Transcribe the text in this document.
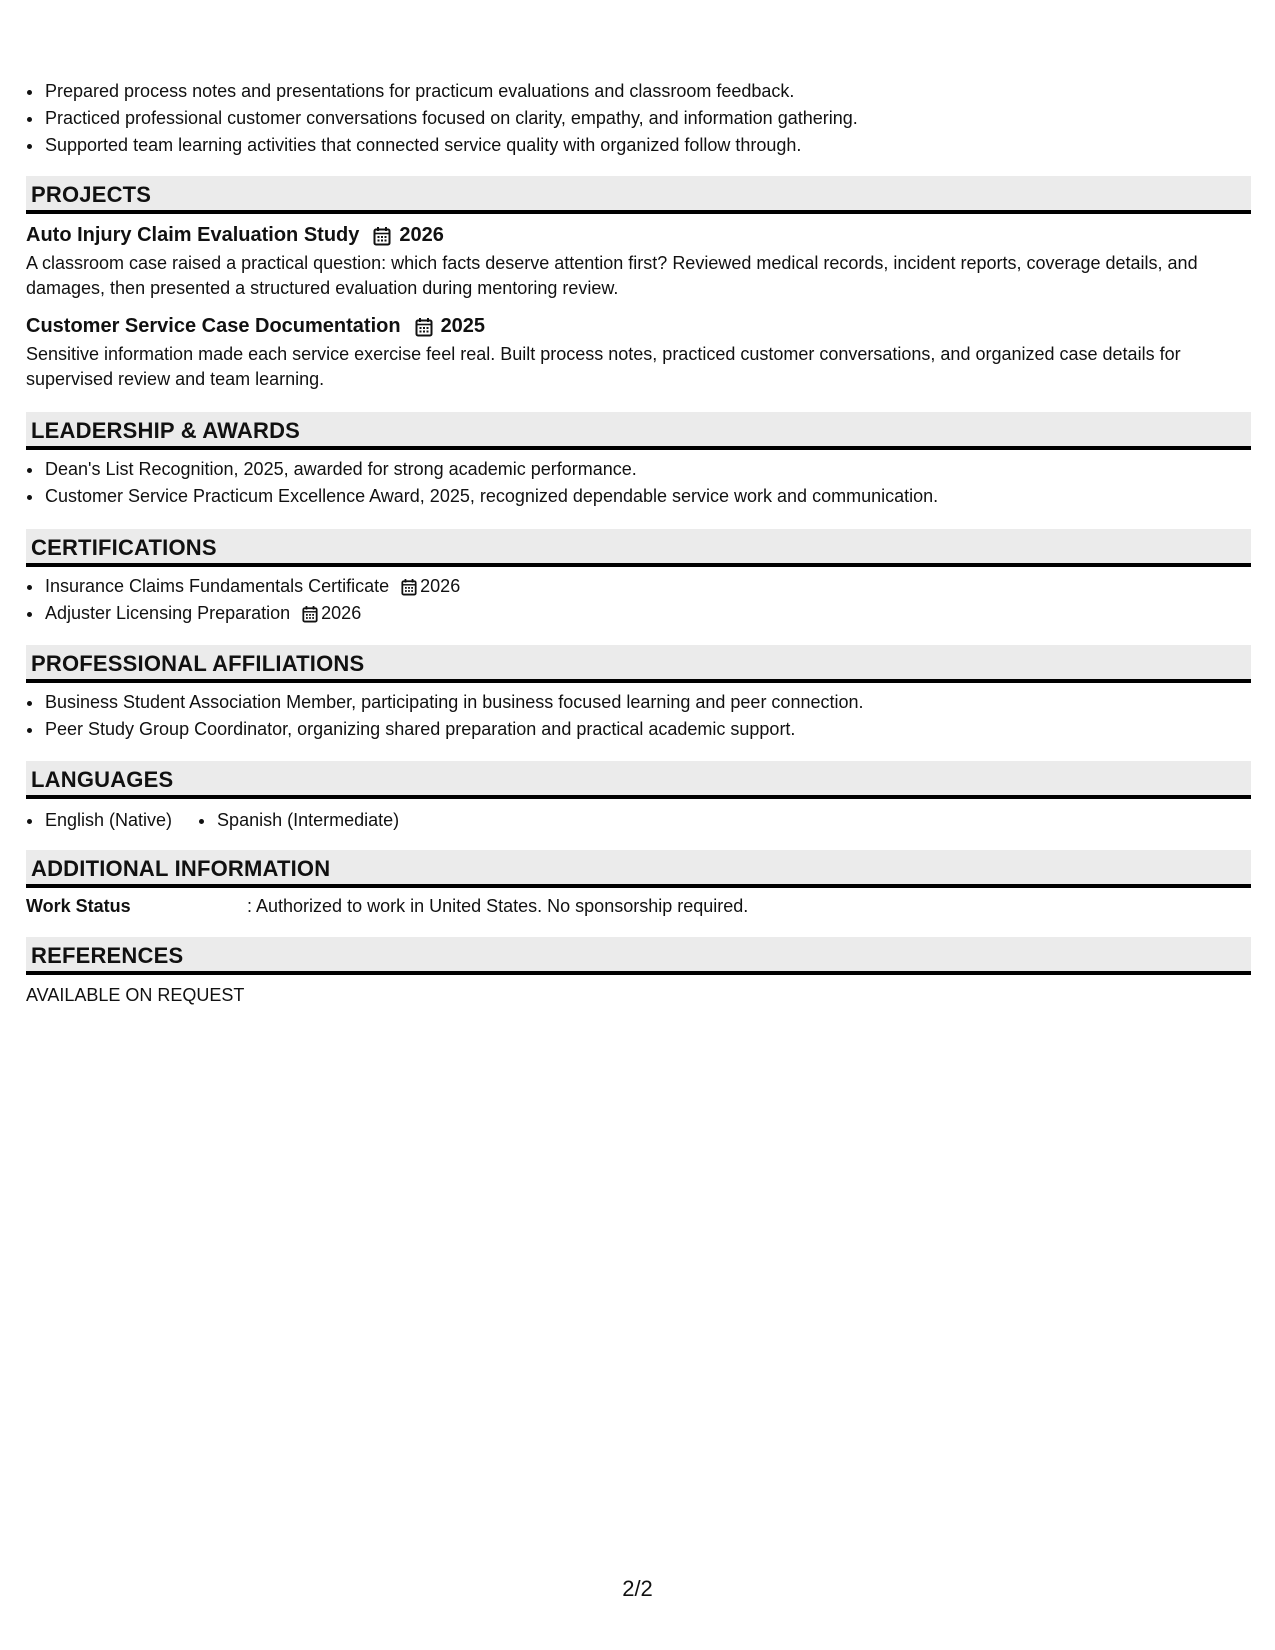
• Prepared process notes and presentations for practicum evaluations and classroom feedback.
• Practiced professional customer conversations focused on clarity, empathy, and information gathering.
• Supported team learning activities that connected service quality with organized follow through.
PROJECTS
Auto Injury Claim Evaluation Study 2026
A classroom case raised a practical question: which facts deserve attention first? Reviewed medical records, incident reports, coverage details, and damages, then presented a structured evaluation during mentoring review.
Customer Service Case Documentation 2025
Sensitive information made each service exercise feel real. Built process notes, practiced customer conversations, and organized case details for supervised review and team learning.
LEADERSHIP & AWARDS
• Dean's List Recognition, 2025, awarded for strong academic performance.
• Customer Service Practicum Excellence Award, 2025, recognized dependable service work and communication.
CERTIFICATIONS
• Insurance Claims Fundamentals Certificate 2026
• Adjuster Licensing Preparation 2026
PROFESSIONAL AFFILIATIONS
• Business Student Association Member, participating in business focused learning and peer connection.
• Peer Study Group Coordinator, organizing shared preparation and practical academic support.
LANGUAGES
• English (Native)
•	Spanish (Intermediate)
ADDITIONAL INFORMATION
Work Status	: Authorized to work in United States. No sponsorship required.
REFERENCES
AVAILABLE ON REQUEST
2/2
